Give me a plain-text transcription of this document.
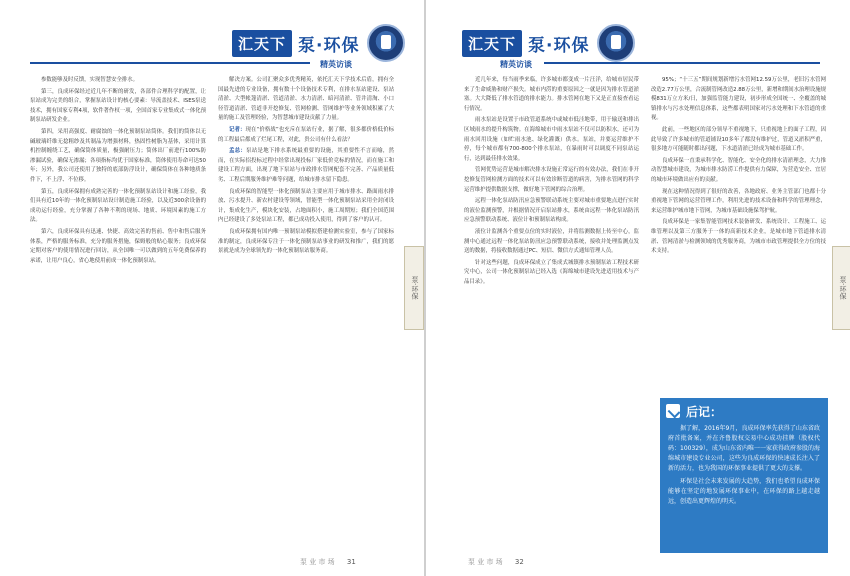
汇天下 泵·环保
精英访谈

参数能够及时反馈，实现智慧安全排水。

第三，良成环保经过近几年不断的研发，各部件合理科学的配置，让泵站成为完美的组合，掌握泵站设计的核心要素：导流盖技术、ISES泵送技术，拥有国家专利4项，软件著作权一项，全国首家专业集成式一体化预制泵站研发企业。

第四，采用高强度、耐腐蚀的一体化预制泵站筒体。我们的筒体以无碱玻璃纤维无捻粗纱及其制品为增强材料，热固性树脂为基体，采用计算机控制缠绕工艺，确保筒体质量，极强耐压力；筒体出厂前进行100%防渗漏试验，确保无渗漏；各项指标均优于国家标准，筒体使用寿命可达50年；另外，我公司还使用了独特的底部防浮设计，确保筒体在各种地质条件下，不上浮、不位移。

第五，良成环保拥有成熟完善的一体化预制泵站设计和施工经验，我们具有近10年的一体化预制泵站设计制造施工经验，以及近300余设备的成功运行经验，充分掌握了各种不利的现场、地质、环境因素的施工方法。

第六，良成环保具有迅速、快捷、高效完善的售前、售中和售后服务体系，严格的服务标准，充分的服务措施，保姆般的贴心服务；良成环保定期对客户的使用情况进行回访，从全国唯一可以做到的五年免费保养的承诺，让用户良心，省心地使用前成一体化预制泵站。

解决方案。公司汇聚众多优秀精英，依托汇天下学技术后盾，拥有全国最先进的专业设备，拥有数十个设备技术专利，在排水泵站建设、泵站清淤、大型帐篷清淤、管道清淤、水力清淤、暗河清淤、管井清淘、小口径管道清淤、管道非开挖修复、管网检测、管网维护等业务领域积累了大量的施工及管理经验，为智慧城市建设贡献了力量。

记者：现在“价格战”也充斥在泵站行业，据了解，很多都价格低价标的工程最后都成了烂尾工程，对此，贵公司有什么看法？

孟总：泵站是地下排水系统最重要的设施，其重要性不言而喻，然而，在实际招投标过程中经常出现投标厂家低价竞标的情况，而在施工和建设工程方面，出现了地下泵站与市政排水管网配套不完善、产品质量低劣、工程后期服务维护难等问题，给城市排水留下隐患。

良成环保的智能型一体化预制泵站主要应用于城市排水、路面雨水排放、污水提升、新农村建设等领域，智能型一体化预制泵站采用全封闭设计，集成化生产，模块化安装，占地面积小，施工周期短；我们全国范围内已经建设了多处泵站工程，都已成功投入使用，得到了客户的认可。

良成环保拥有国内唯一预制泵站模拟搭建检测实验室，参与了国家标准的制定，良成环保专注于一体化预制泵站事业的研发和推广，我们的愿景就是成为全球领先的一体化预制泵站服务商。

泵·环保
泵 业 市 场 31
汇天下 泵·环保
精英访谈

近几年来，每当雨季来临，许多城市都变成一片汪洋，给城市居民带来了生命威胁和财产损失。城市内涝的重要原因之一就是因为排水管道淤塞。大大降低了排水管道的排水能力。排水管网在地下又是正直接查看运行情况。

雨水泵站是设置于市政管道系统中或城市低洼地带，用于输送和排出区域雨水的提升构筑物。在海绵城市中雨水泵站不仅可以防积水，还可为雨水回用设施（如贮雨水池、绿化灌溉）供水。泵站，并要运营维护不停，每个城市都有700-800个排水泵站，在暴雨时可以调度不同泵站运行，达到最佳排水效果。

管网优势运营是城市解决排水设施正常运行的有效办法，我们在非开挖修复管网检测方面的技术可以有效诊断管道的病害，为排水管网的科学运营维护提供数据支撑，做好地下管网的综合治理。

远程一体化泵站防汛应急预警联动系统主要对城市重要地点进行实时的液位监测预警，并根据情况开启泵站排水，系统由远程一体化泵站防汛应急预警联动系统、液位计和预制泵站构成。

液位计监测各个重要点位的实时液位，并将监测数据上传至中心，监测中心通过远程一体化泵站防汛应急预警联动系统，接收并处理监测点发送的数据，将接收数据通过PC、短信、微信方式通知管理人员。

针对这些问题，良成环保成立了集成式城镇排水预制泵站工程技术研究中心，公司一体化预制泵站已经入选《海绵城市建设先进适用技术与产品目录》。

95%；“十三五”期间规划新增污水管网12.59万公里，老旧污水管网改造2.77万公里，合流制管网改造2.88万公里，新增和期间水治理设施规模831万立方米/日，加强监管能力建设，初步形成全国统一、全覆盖的城镇排水与污水处理信息体系，这些都表明国家对污水处理和下水管道的重视。

此前，一些地区的部分领导不重视地下，只重视地上的面子工程，因此导致了许多城市的管道铺设10多年了都没有维护过，管道又淤积严重，很多地方可能随时都出问题，下水道清淤已经成为城市基础工作。

良成环保一直秉承科学化、智能化、安全化的排水清淤理念，大力推动智慧城市建设，为城市排水防涝工作提供有力保障，为营造安全、宜居的城市环境做出应有的贡献。

现在这种情况得到了很好的改善，各地政府、业务主管部门也都十分重视地下管网的运营管理工作，利用先进的技术设备和科学的管理理念，来运营维护城市地下管网，为城市基础设施保驾护航。

良成环保是一家集智能管网技术装备研发、系统设计、工程施工、运维管理以及第三方服务于一体的高新技术企业，是城市地下管道排水清淤、管网清淤与检测领域的优秀服务商，为城市市政管理提供全方位的技术支持。

后记：

据了解，2016年9月，良成环保率先获得了山东省政府首批备案，并在齐鲁股权交易中心成功挂牌（股权代码：100329），成为山东省内唯一一家获得政府参股的海绵城市建设专业公司，这些为良成环保的快速成长注入了新的活力，也为我国的环保事业提供了更大的支撑。

环保是社会未来发展的大趋势，我们也希望良成环保能够在坚定的地发展环保事业中，在环保的路上越走越远，创造出更辉煌的明天。

泵·环保
泵 业 市 场 32
